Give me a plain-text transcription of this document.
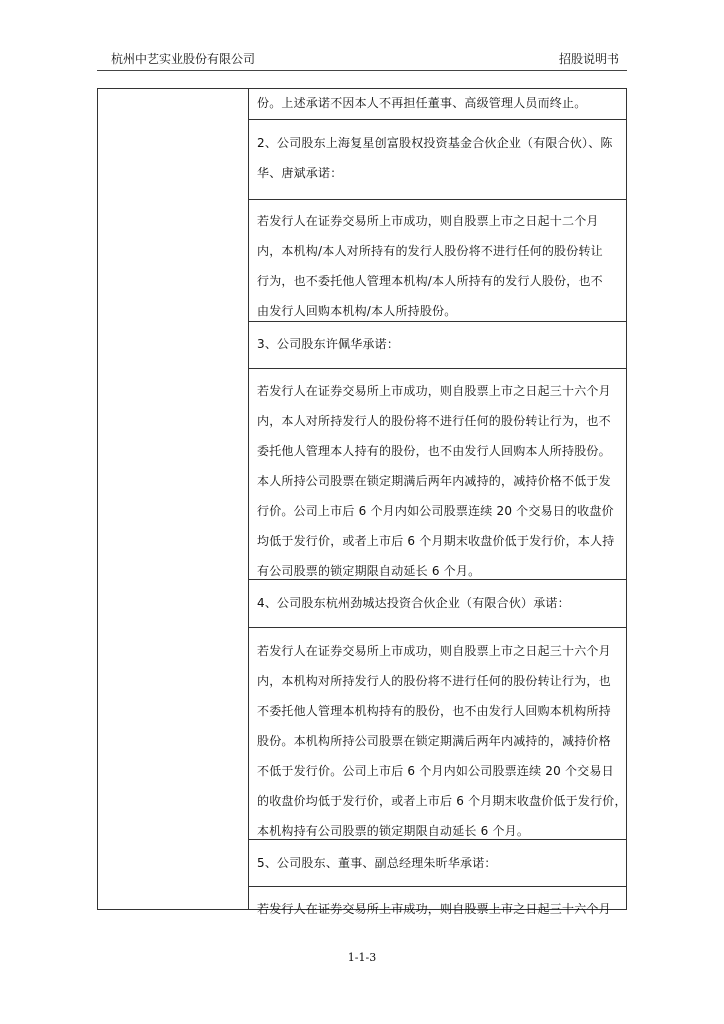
杭州中艺实业股份有限公司	招股说明书
份。上述承诺不因本人不再担任董事、高级管理人员而终止。
2、公司股东上海复星创富股权投资基金合伙企业（有限合伙）、陈
华、唐斌承诺：
若发行人在证券交易所上市成功，则自股票上市之日起十二个月
内，本机构/本人对所持有的发行人股份将不进行任何的股份转让
行为，也不委托他人管理本机构/本人所持有的发行人股份，也不
由发行人回购本机构/本人所持股份。
3、公司股东许佩华承诺：
若发行人在证券交易所上市成功，则自股票上市之日起三十六个月
内，本人对所持发行人的股份将不进行任何的股份转让行为，也不
委托他人管理本人持有的股份，也不由发行人回购本人所持股份。
本人所持公司股票在锁定期满后两年内减持的，减持价格不低于发
行价。公司上市后 6 个月内如公司股票连续 20 个交易日的收盘价
均低于发行价，或者上市后 6 个月期末收盘价低于发行价，本人持
有公司股票的锁定期限自动延长 6 个月。
4、公司股东杭州劲城达投资合伙企业（有限合伙）承诺：
若发行人在证券交易所上市成功，则自股票上市之日起三十六个月
内，本机构对所持发行人的股份将不进行任何的股份转让行为，也
不委托他人管理本机构持有的股份，也不由发行人回购本机构所持
股份。本机构所持公司股票在锁定期满后两年内减持的，减持价格
不低于发行价。公司上市后 6 个月内如公司股票连续 20 个交易日
的收盘价均低于发行价，或者上市后 6 个月期末收盘价低于发行价，
本机构持有公司股票的锁定期限自动延长 6 个月。
5、公司股东、董事、副总经理朱昕华承诺：
若发行人在证券交易所上市成功，则自股票上市之日起三十六个月
1-1-3
